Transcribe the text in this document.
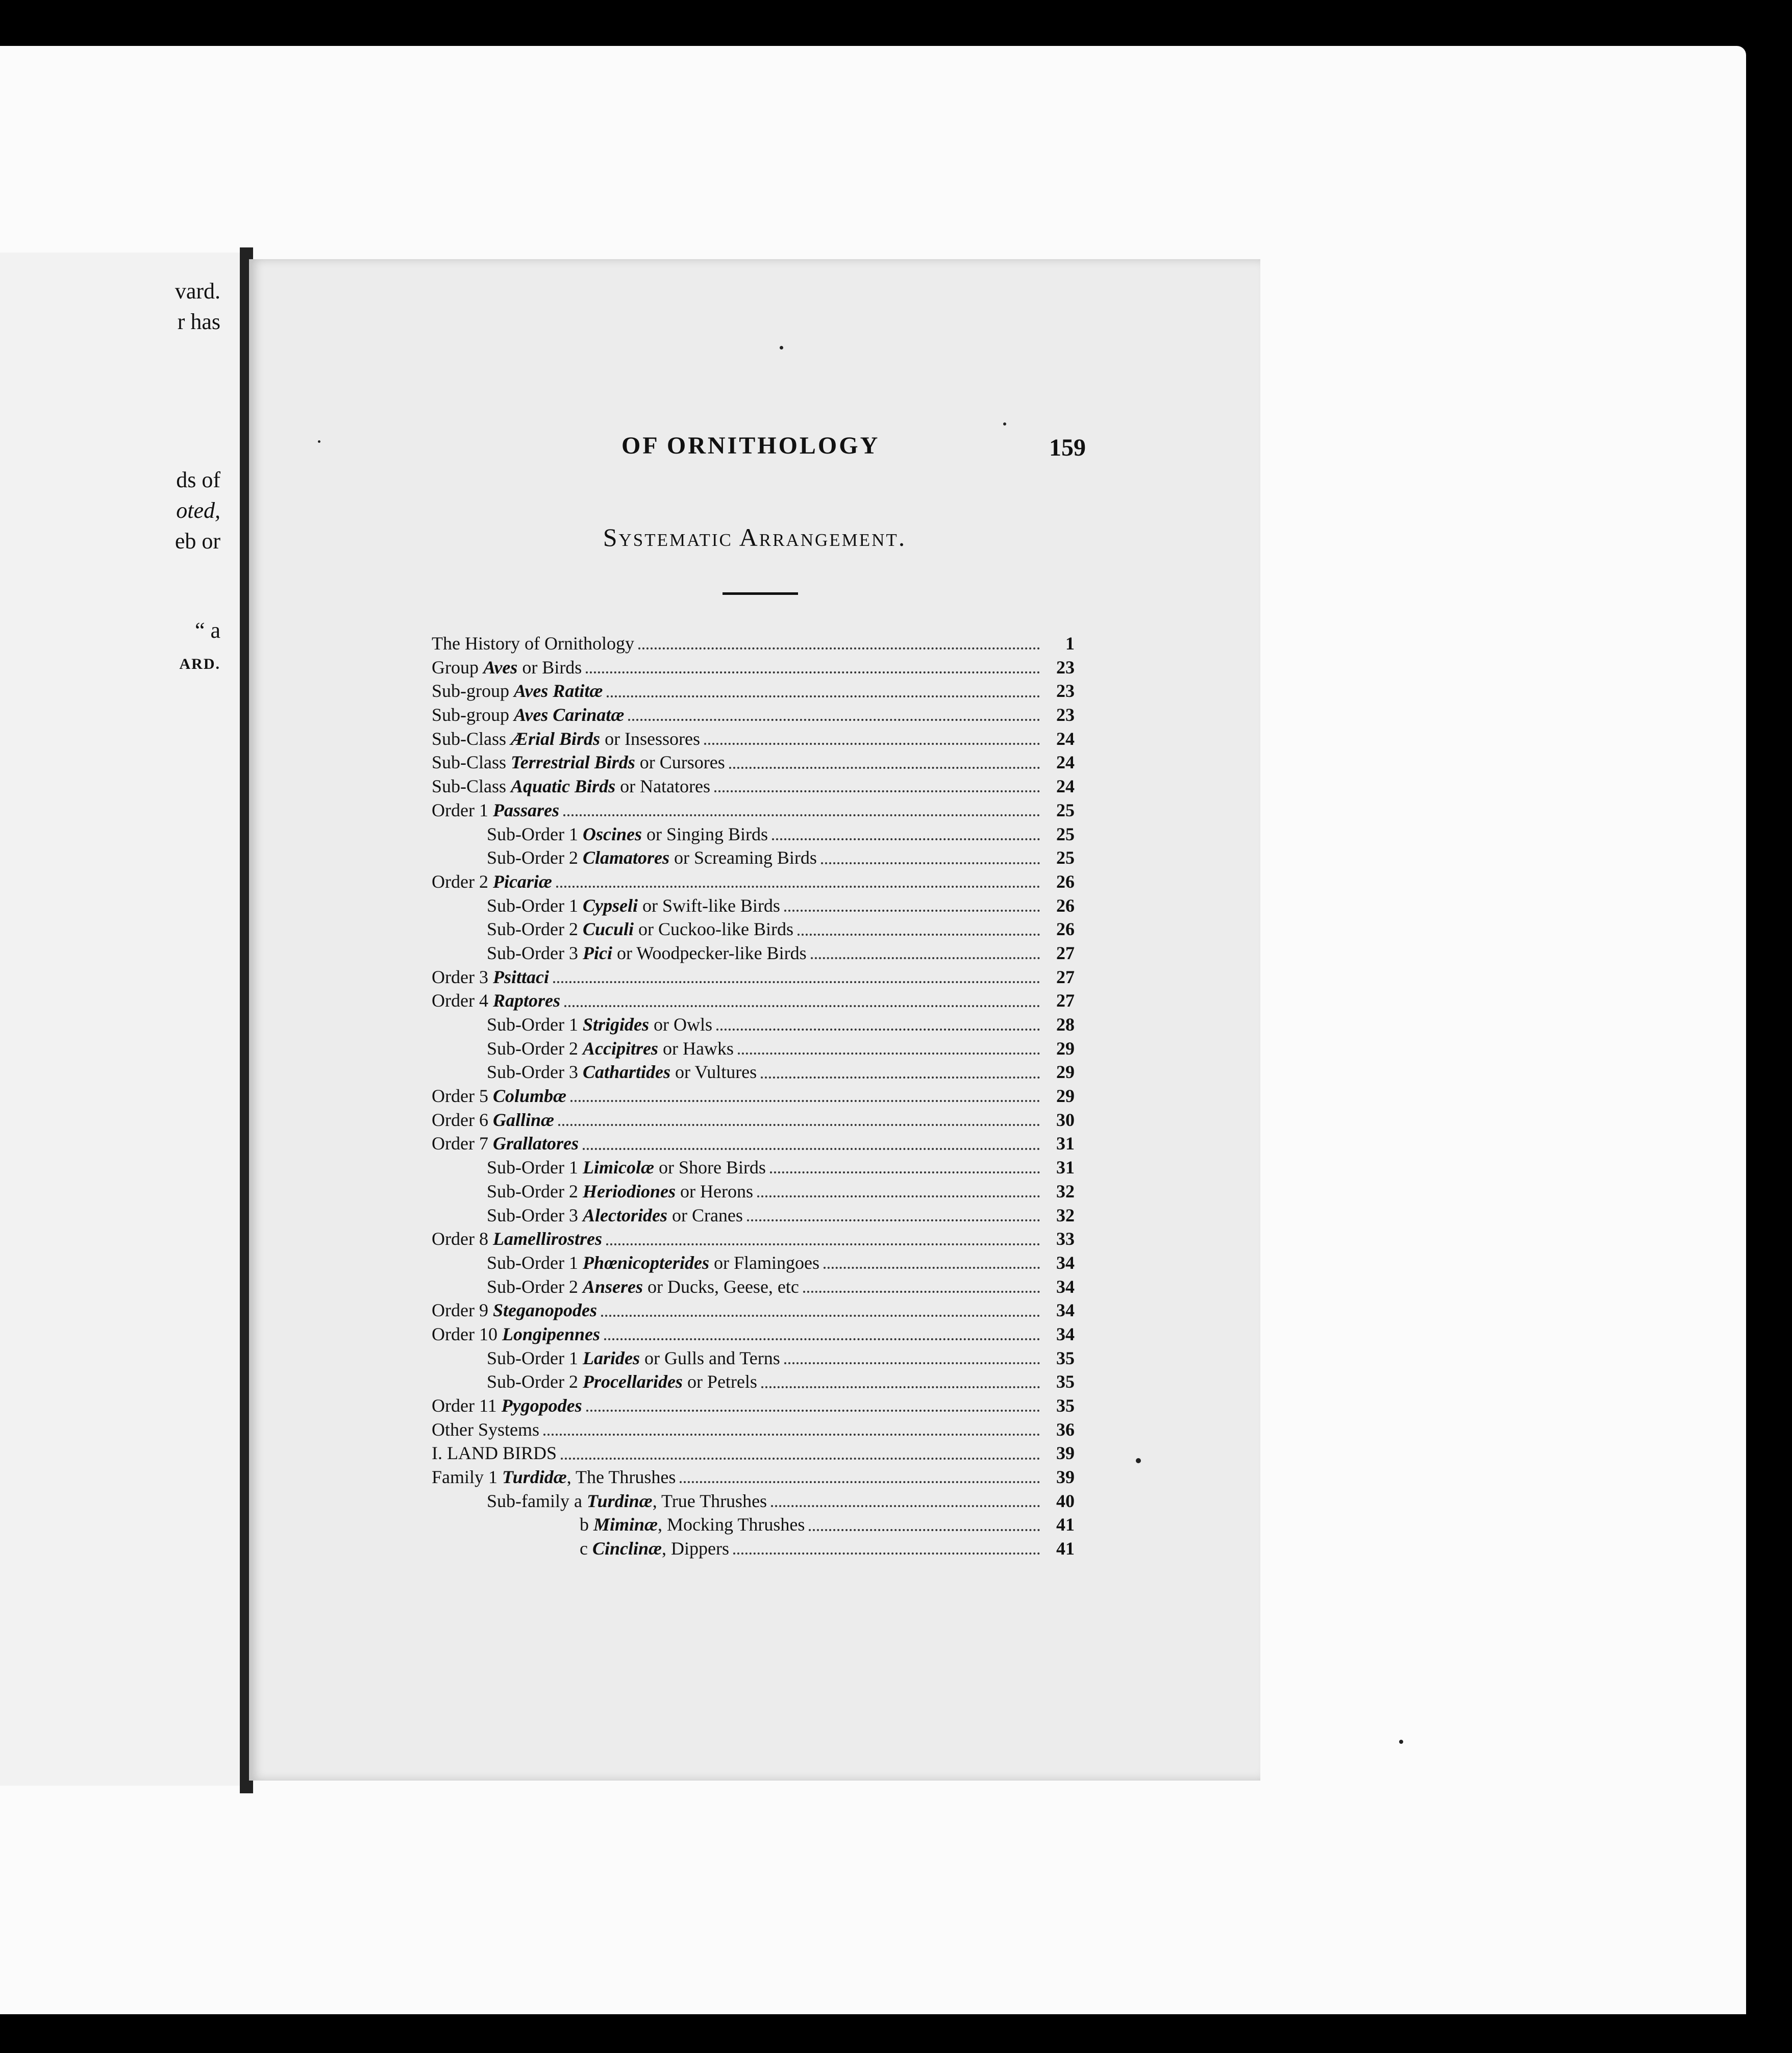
vard.
r has
ds of
oted,
eb or
“ a
ARD.
OF ORNITHOLOGY	159
Systematic Arrangement.
The History of Ornithology	1
Group Aves or Birds	23
Sub-group Aves Ratitæ	23
Sub-group Aves Carinatæ	23
Sub-Class Ærial Birds or Insessores	24
Sub-Class Terrestrial Birds or Cursores	24
Sub-Class Aquatic Birds or Natatores	24
Order 1 Passares	25
Sub-Order 1 Oscines or Singing Birds	25
Sub-Order 2 Clamatores or Screaming Birds	25
Order 2 Picariæ	26
Sub-Order 1 Cypseli or Swift-like Birds	26
Sub-Order 2 Cuculi or Cuckoo-like Birds	26
Sub-Order 3 Pici or Woodpecker-like Birds	27
Order 3 Psittaci	27
Order 4 Raptores	27
Sub-Order 1 Strigides or Owls	28
Sub-Order 2 Accipitres or Hawks	29
Sub-Order 3 Cathartides or Vultures	29
Order 5 Columbæ	29
Order 6 Gallinæ	30
Order 7 Grallatores	31
Sub-Order 1 Limicolæ or Shore Birds	31
Sub-Order 2 Heriodiones or Herons	32
Sub-Order 3 Alectorides or Cranes	32
Order 8 Lamellirostres	33
Sub-Order 1 Phœnicopterides or Flamingoes	34
Sub-Order 2 Anseres or Ducks, Geese, etc	34
Order 9 Steganopodes	34
Order 10 Longipennes	34
Sub-Order 1 Larides or Gulls and Terns	35
Sub-Order 2 Procellarides or Petrels	35
Order 11 Pygopodes	35
Other Systems	36
I. LAND BIRDS	39
Family 1 Turdidæ, The Thrushes	39
Sub-family a Turdinæ, True Thrushes	40
b Miminæ, Mocking Thrushes	41
c Cinclinæ, Dippers	41
